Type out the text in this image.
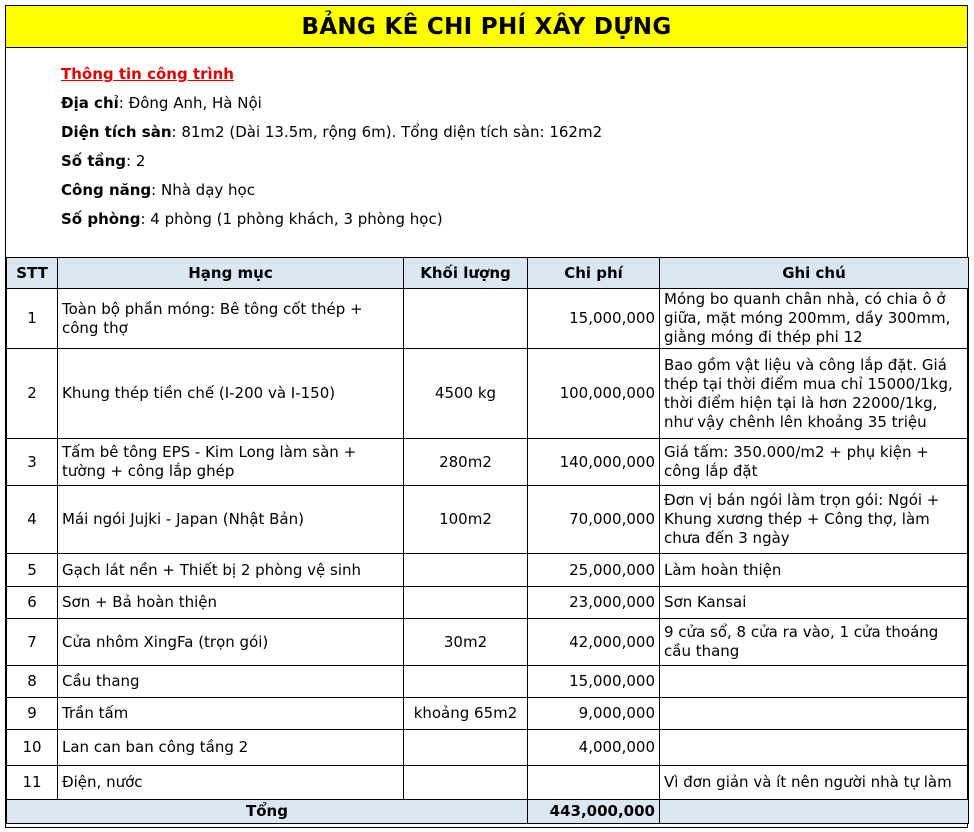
BẢNG KÊ CHI PHÍ XÂY DỰNG
Thông tin công trình
Địa chỉ: Đông Anh, Hà Nội
Diện tích sàn: 81m2 (Dài 13.5m, rộng 6m). Tổng diện tích sàn: 162m2
Số tầng: 2
Công năng: Nhà dạy học
Số phòng: 4 phòng (1 phòng khách, 3 phòng học)
STT	Hạng mục	Khối lượng	Chi phí	Ghi chú
1	Toàn bộ phần móng: Bê tông cốt thép + công thợ		15,000,000	Móng bo quanh chân nhà, có chia ô ở giữa, mặt móng 200mm, dầy 300mm, giằng móng đi thép phi 12
2	Khung thép tiền chế (I-200 và I-150)	4500 kg	100,000,000	Bao gồm vật liệu và công lắp đặt. Giá thép tại thời điểm mua chỉ 15000/1kg, thời điểm hiện tại là hơn 22000/1kg, như vậy chênh lên khoảng 35 triệu
3	Tấm bê tông EPS - Kim Long làm sàn + tường + công lắp ghép	280m2	140,000,000	Giá tấm: 350.000/m2 + phụ kiện + công lắp đặt
4	Mái ngói Jujki - Japan (Nhật Bản)	100m2	70,000,000	Đơn vị bán ngói làm trọn gói: Ngói + Khung xương thép + Công thợ, làm chưa đến 3 ngày
5	Gạch lát nền + Thiết bị 2 phòng vệ sinh		25,000,000	Làm hoàn thiện
6	Sơn + Bả hoàn thiện		23,000,000	Sơn Kansai
7	Cửa nhôm XingFa (trọn gói)	30m2	42,000,000	9 cửa sổ, 8 cửa ra vào, 1 cửa thoáng cầu thang
8	Cầu thang		15,000,000	
9	Trần tấm	khoảng 65m2	9,000,000	
10	Lan can ban công tầng 2		4,000,000	
11	Điện, nước			Vì đơn giản và ít nên người nhà tự làm
Tổng			443,000,000	
